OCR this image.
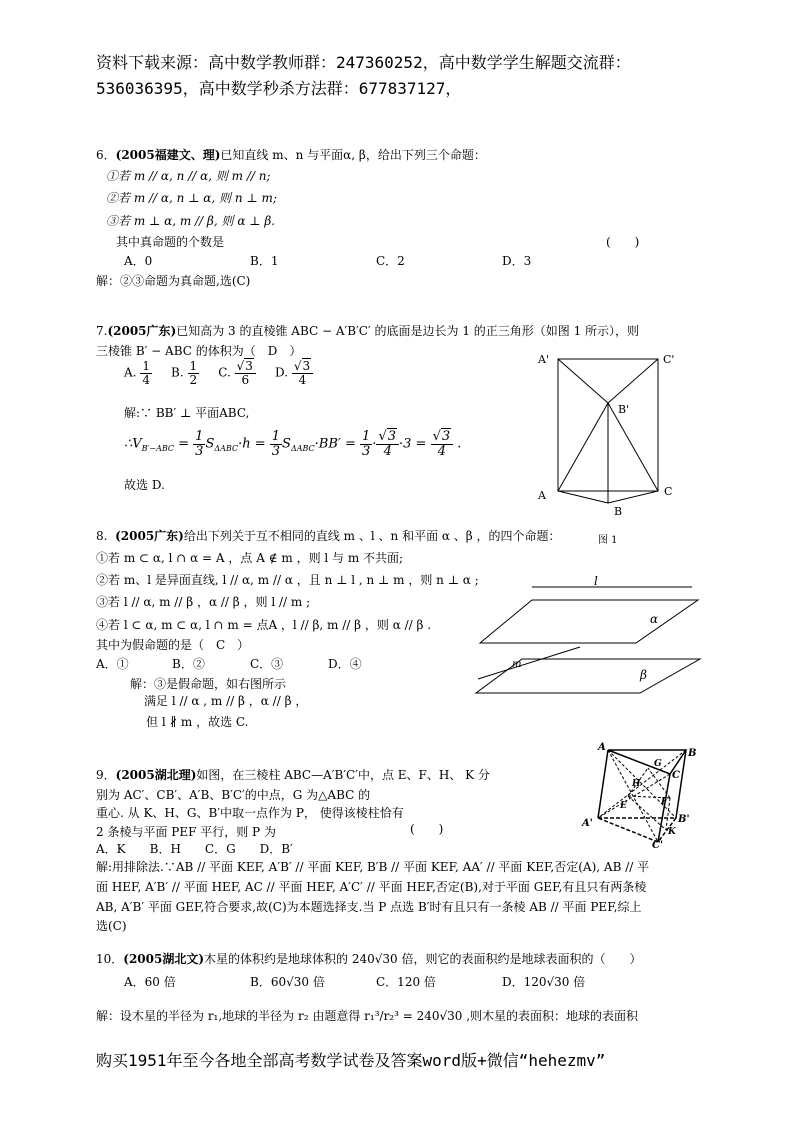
资料下载来源：高中数学教师群：247360252，高中数学学生解题交流群：
536036395，高中数学秒杀方法群：677837127，
6．(2005福建文、理)已知直线 m、n 与平面α, β，给出下列三个命题：
①若 m // α, n // α, 则 m // n;
②若 m // α, n ⊥ α, 则 n ⊥ m;
③若 m ⊥ α, m // β, 则 α ⊥ β.
其中真命题的个数是	(　　)
A．0	B．1	C．2	D．3
解：②③命题为真命题,选(C)
7.(2005广东)已知高为 3 的直棱锥 ABC − A′B′C′ 的底面是边长为 1 的正三角形（如图 1 所示），则
三棱锥 B′ − ABC 的体积为（　D　）
A. $\frac{1}{4} B$. $\frac{1}{2} C$. $\frac{√3}{6} D$. $\frac{√3}{4}$
解:∵ BB′ ⊥ 平面ABC,
$\therefore V_{B'-ABC} = \frac{1}{3} S_{\Delta ABC}\cdot h = \frac{1}{3} S_{\Delta ABC}\cdot BB' = \frac{1}{3} \cdot \frac{√3}{4} \cdot 3 = \frac{√3}{4}$ .
故选 D.
A'	C'
B'
A
B
C
图 1
8. (2005广东)给出下列关于互不相同的直线 m 、l 、n 和平面 α 、β ，的四个命题：
①若 m ⊂ α, l ∩ α = A ，点 A ∉ m ，则 l 与 m 不共面;
②若 m、l 是异面直线, l // α, m // α ，且 n ⊥ l , n ⊥ m ，则 n ⊥ α ;
③若 l // α, m // β ，α // β ，则 l // m ;
④若 l ⊂ α, m ⊂ α, l ∩ m = 点A ，l // β, m // β ，则 α // β .
其中为假命题的是（　C　）
A．①	B．②	C．③	D．④
解：③是假命题，如右图所示
满足 l // α , m // β ，α // β ，
但 l ∦ m ，故选 C.
l
α
m
β
9．(2005湖北理)如图，在三棱柱 ABC—A′B′C′中，点 E、F、H、 K 分
别为 AC′、CB′、A′B、B′C′的中点，G 为△ABC 的
重心. 从 K、H、G、B′中取一点作为 P， 使得该棱柱恰有
2 条棱与平面 PEF 平行，则 P 为	(　　)
A．K　　B．H　　C．G　　D．B′
解:用排除法.∵AB // 平面 KEF, A′B′ // 平面 KEF, B′B // 平面 KEF, AA′ // 平面 KEF,否定(A), AB // 平
面 HEF, A′B′ // 平面 HEF, AC // 平面 HEF, A′C′ // 平面 HEF,否定(B),对于平面 GEF,有且只有两条棱
AB, A′B′ 平面 GEF,符合要求,故(C)为本题选择支.当 P 点选 B′时有且只有一条棱 AB // 平面 PEF,综上
选(C)
A
B
C
G
H
E	F
A'	B'
K
C'
10．(2005湖北文)木星的体积约是地球体积的 240√30 倍，则它的表面积约是地球表面积的（　　）
A．60 倍	B．60√30 倍	C．120 倍	D．120√30 倍
解：设木星的半径为 r₁,地球的半径为 r₂ 由题意得 r₁³/r₂³ = 240√30 ,则木星的表面积：地球的表面积
购买1951年至今各地全部高考数学试卷及答案word版+微信“hehezmv”
